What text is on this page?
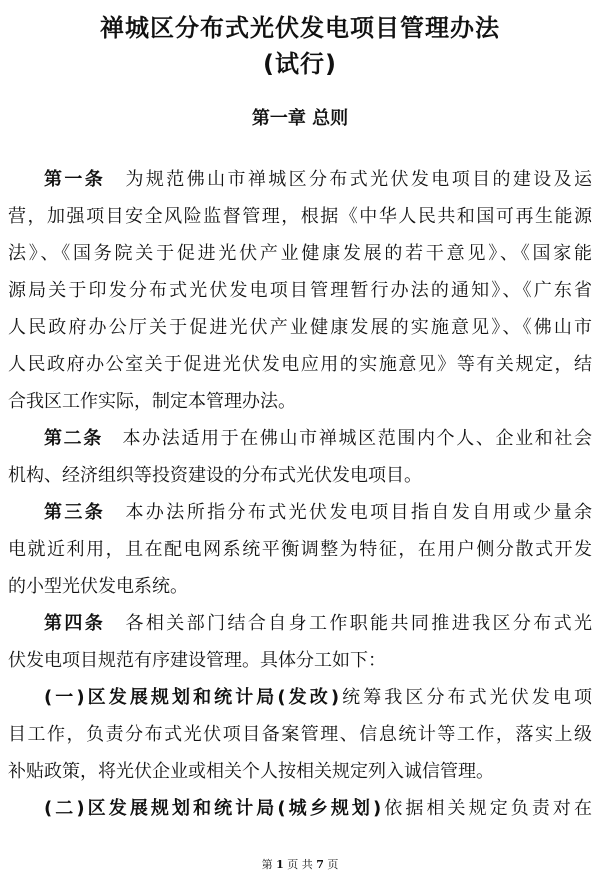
禅城区分布式光伏发电项目管理办法
(试行)
第一章 总则
第一条 为规范佛山市禅城区分布式光伏发电项目的建设及运
营，加强项目安全风险监督管理，根据《中华人民共和国可再生能源
法》、《国务院关于促进光伏产业健康发展的若干意见》、《国家能
源局关于印发分布式光伏发电项目管理暂行办法的通知》、《广东省
人民政府办公厅关于促进光伏产业健康发展的实施意见》、《佛山市
人民政府办公室关于促进光伏发电应用的实施意见》等有关规定，结
合我区工作实际，制定本管理办法。
第二条 本办法适用于在佛山市禅城区范围内个人、企业和社会
机构、经济组织等投资建设的分布式光伏发电项目。
第三条 本办法所指分布式光伏发电项目指自发自用或少量余
电就近利用，且在配电网系统平衡调整为特征，在用户侧分散式开发
的小型光伏发电系统。
第四条 各相关部门结合自身工作职能共同推进我区分布式光
伏发电项目规范有序建设管理。具体分工如下：
(一)区发展规划和统计局(发改)统筹我区分布式光伏发电项
目工作，负责分布式光伏项目备案管理、信息统计等工作，落实上级
补贴政策，将光伏企业或相关个人按相关规定列入诚信管理。
(二)区发展规划和统计局(城乡规划)依据相关规定负责对在
第 1 页 共 7 页
